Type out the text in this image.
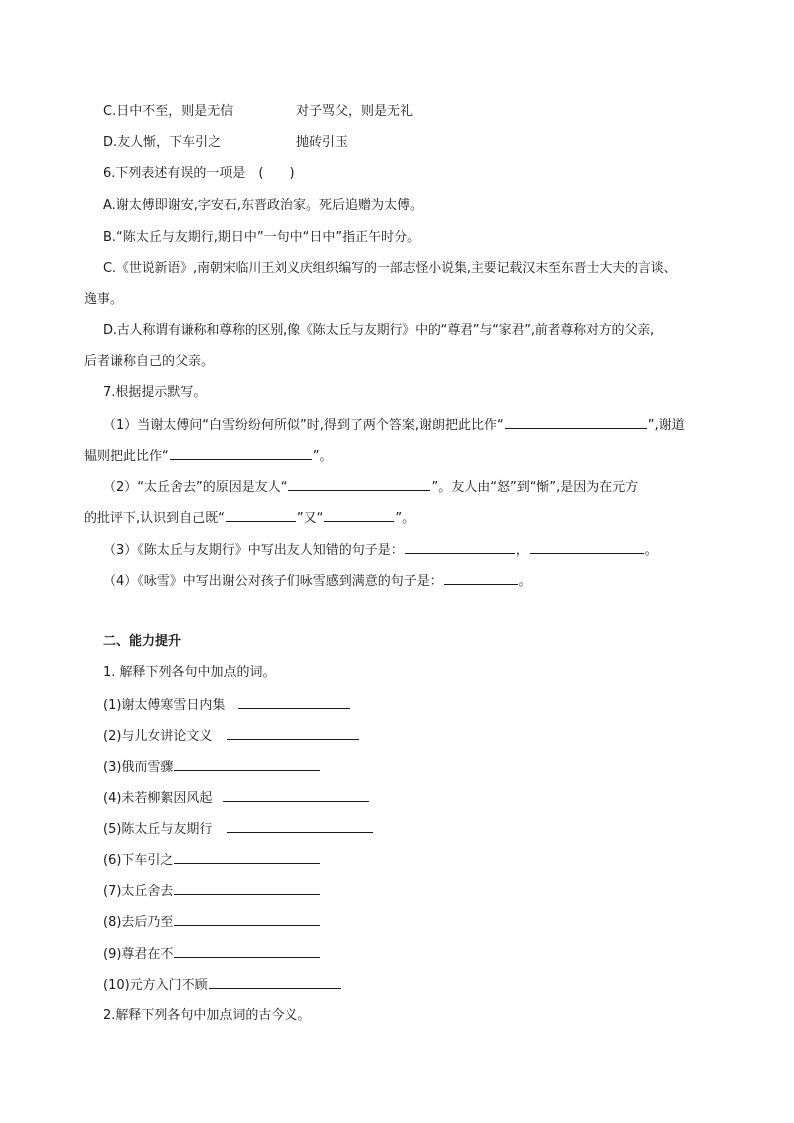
C.日中不至，则是无信	对子骂父，则是无礼
D.友人惭，下车引之	抛砖引玉
6.下列表述有误的一项是　(　　)
A.谢太傅即谢安,字安石,东晋政治家。死后追赠为太傅。
B.“陈太丘与友期行,期日中”一句中“日中”指正午时分。
C.《世说新语》,南朝宋临川王刘义庆组织编写的一部志怪小说集,主要记载汉末至东晋士大夫的言谈、
逸事。
D.古人称谓有谦称和尊称的区别,像《陈太丘与友期行》中的“尊君”与“家君”,前者尊称对方的父亲,
后者谦称自己的父亲。
7.根据提示默写。
（1）当谢太傅问“白雪纷纷何所似”时,得到了两个答案,谢朗把此比作“	”,谢道
韫则把此比作“	”。
（2）“太丘舍去”的原因是友人“	”。友人由“怒”到“惭”,是因为在元方
的批评下,认识到自己既“	”又“	”。
（3）《陈太丘与友期行》中写出友人知错的句子是：	，	。
（4）《咏雪》中写出谢公对孩子们咏雪感到满意的句子是：	。
二、能力提升
1. 解释下列各句中加点的词。
(1)谢太傅寒雪日内集
(2)与儿女讲论文义
(3)俄而雪骤
(4)未若柳絮因风起
(5)陈太丘与友期行
(6)下车引之
(7)太丘舍去
(8)去后乃至
(9)尊君在不
(10)元方入门不顾
2.解释下列各句中加点词的古今义。
